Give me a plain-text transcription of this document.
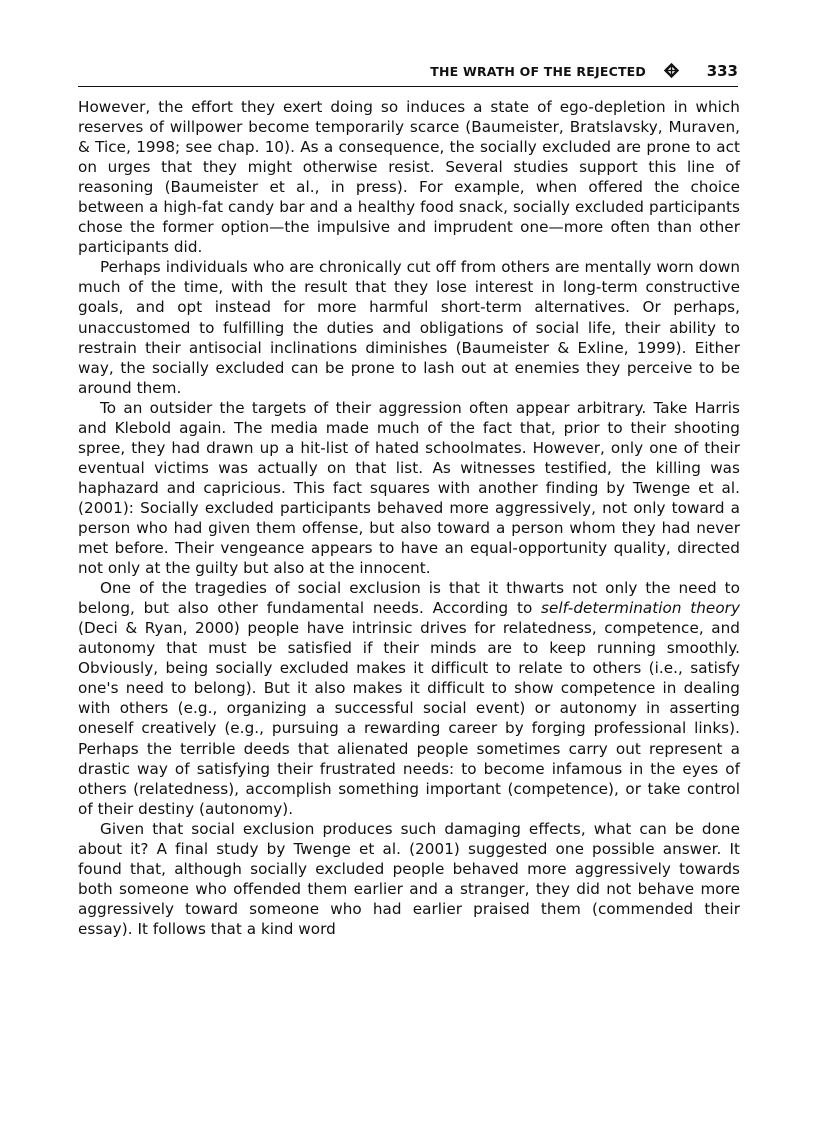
THE WRATH OF THE REJECTED	333

However, the effort they exert doing so induces a state of ego-depletion in which reserves of willpower become temporarily scarce (Baumeister, Bratslavsky, Muraven, & Tice, 1998; see chap. 10). As a consequence, the socially excluded are prone to act on urges that they might otherwise resist. Several studies support this line of reasoning (Baumeister et al., in press). For example, when offered the choice between a high-fat candy bar and a healthy food snack, socially excluded participants chose the former option—the impulsive and imprudent one—more often than other participants did.

Perhaps individuals who are chronically cut off from others are mentally worn down much of the time, with the result that they lose interest in long-term constructive goals, and opt instead for more harmful short-term alternatives. Or perhaps, unaccustomed to fulfilling the duties and obligations of social life, their ability to restrain their antisocial inclinations diminishes (Baumeister & Exline, 1999). Either way, the socially excluded can be prone to lash out at enemies they perceive to be around them.

To an outsider the targets of their aggression often appear arbitrary. Take Harris and Klebold again. The media made much of the fact that, prior to their shooting spree, they had drawn up a hit-list of hated schoolmates. However, only one of their eventual victims was actually on that list. As witnesses testified, the killing was haphazard and capricious. This fact squares with another finding by Twenge et al. (2001): Socially excluded participants behaved more aggressively, not only toward a person who had given them offense, but also toward a person whom they had never met before. Their vengeance appears to have an equal-opportunity quality, directed not only at the guilty but also at the innocent.

One of the tragedies of social exclusion is that it thwarts not only the need to belong, but also other fundamental needs. According to self-determination theory (Deci & Ryan, 2000) people have intrinsic drives for relatedness, competence, and autonomy that must be satisfied if their minds are to keep running smoothly. Obviously, being socially excluded makes it difficult to relate to others (i.e., satisfy one's need to belong). But it also makes it difficult to show competence in dealing with others (e.g., organizing a successful social event) or autonomy in asserting oneself creatively (e.g., pursuing a rewarding career by forging professional links). Perhaps the terrible deeds that alienated people sometimes carry out represent a drastic way of satisfying their frustrated needs: to become infamous in the eyes of others (relatedness), accomplish something important (competence), or take control of their destiny (autonomy).

Given that social exclusion produces such damaging effects, what can be done about it? A final study by Twenge et al. (2001) suggested one possible answer. It found that, although socially excluded people behaved more aggressively towards both someone who offended them earlier and a stranger, they did not behave more aggressively toward someone who had earlier praised them (commended their essay). It follows that a kind word
